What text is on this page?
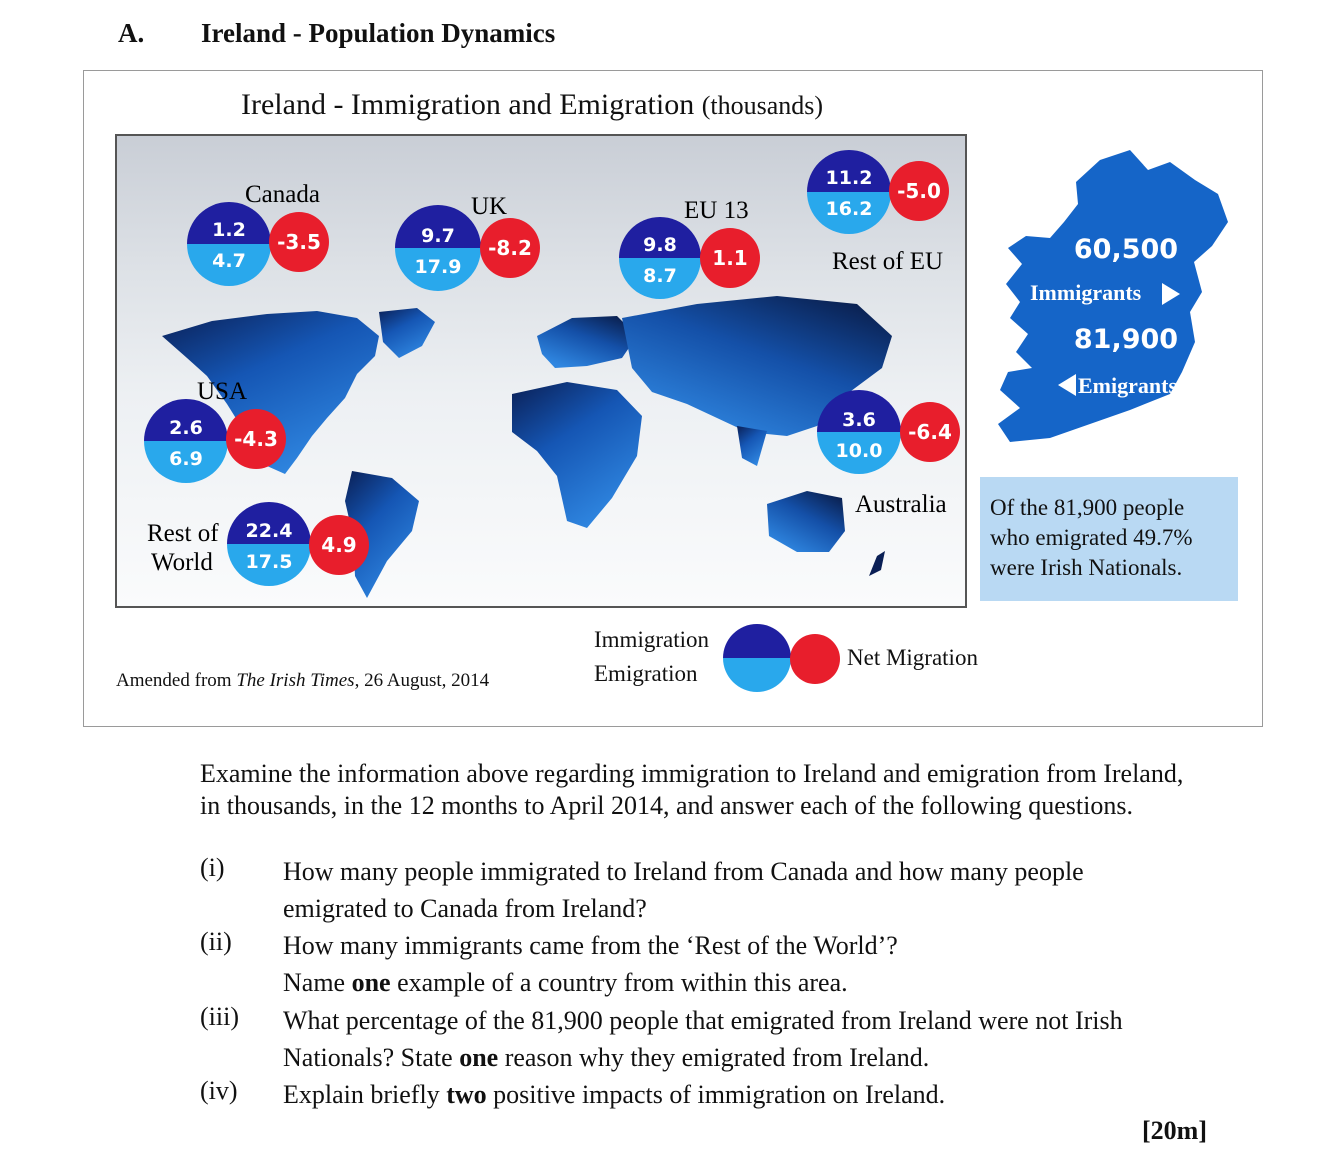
A. Ireland - Population Dynamics
Ireland - Immigration and Emigration (thousands)
Canada	UK	EU 13
Rest of EU
USA
Australia
Rest of
World
1.2
4.7
-3.5	9.7
17.9
-8.2	9.8
8.7
1.1
11.2
16.2
-5.0
2.6
6.9
-4.3
3.6
10.0
-6.4
22.4
17.5
4.9
60,500
Immigrants
81,900
Emigrants
Of the 81,900 people
who emigrated 49.7%
were Irish Nationals.
Amended from The Irish Times, 26 August, 2014
Immigration
Emigration
Net Migration
Examine the information above regarding immigration to Ireland and emigration from Ireland,
in thousands, in the 12 months to April 2014, and answer each of the following questions.
(i) How many people immigrated to Ireland from Canada and how many people
emigrated to Canada from Ireland?
(ii) How many immigrants came from the ‘Rest of the World’?
Name one example of a country from within this area.
(iii) What percentage of the 81,900 people that emigrated from Ireland were not Irish
Nationals? State one reason why they emigrated from Ireland.
(iv) Explain briefly two positive impacts of immigration on Ireland.
[20m]
